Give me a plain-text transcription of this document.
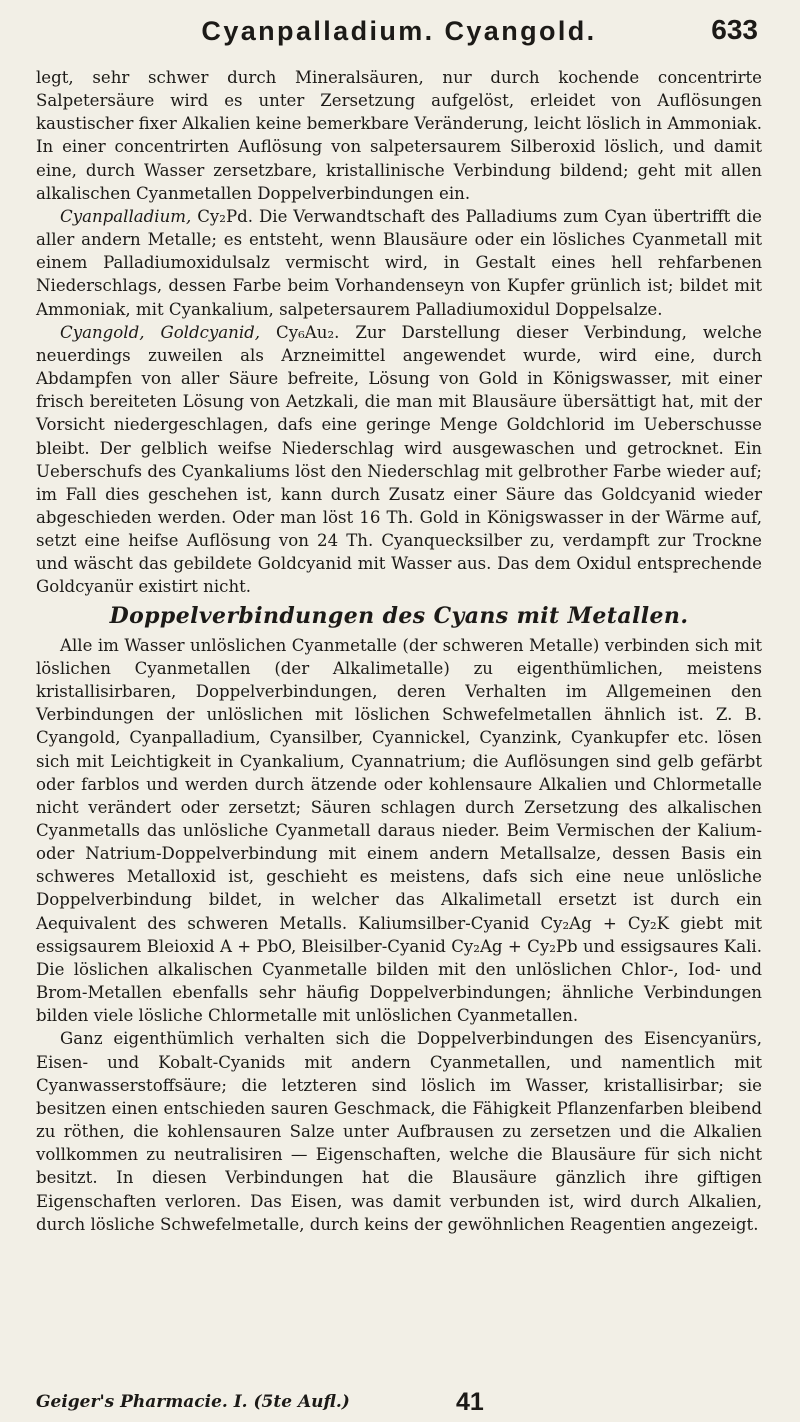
Cyanpalladium. Cyangold.	633

legt, sehr schwer durch Mineralsäuren, nur durch kochende concentrirte Salpetersäure wird es unter Zersetzung aufgelöst, erleidet von Auflösungen kaustischer fixer Alkalien keine bemerkbare Veränderung, leicht löslich in Ammoniak. In einer concentrirten Auflösung von salpetersaurem Silberoxid löslich, und damit eine, durch Wasser zersetzbare, kristallinische Verbindung bildend; geht mit allen alkalischen Cyanmetallen Doppelverbindungen ein.

Cyanpalladium, Cy₂Pd. Die Verwandtschaft des Palladiums zum Cyan übertrifft die aller andern Metalle; es entsteht, wenn Blausäure oder ein lösliches Cyanmetall mit einem Palladiumoxidulsalz vermischt wird, in Gestalt eines hell rehfarbenen Niederschlags, dessen Farbe beim Vorhandenseyn von Kupfer grünlich ist; bildet mit Ammoniak, mit Cyankalium, salpetersaurem Palladiumoxidul Doppelsalze.

Cyangold, Goldcyanid, Cy₆Au₂. Zur Darstellung dieser Verbindung, welche neuerdings zuweilen als Arzneimittel angewendet wurde, wird eine, durch Abdampfen von aller Säure befreite, Lösung von Gold in Königswasser, mit einer frisch bereiteten Lösung von Aetzkali, die man mit Blausäure übersättigt hat, mit der Vorsicht niedergeschlagen, dafs eine geringe Menge Goldchlorid im Ueberschusse bleibt. Der gelblich weifse Niederschlag wird ausgewaschen und getrocknet. Ein Ueberschufs des Cyankaliums löst den Niederschlag mit gelbrother Farbe wieder auf; im Fall dies geschehen ist, kann durch Zusatz einer Säure das Goldcyanid wieder abgeschieden werden. Oder man löst 16 Th. Gold in Königswasser in der Wärme auf, setzt eine heifse Auflösung von 24 Th. Cyanquecksilber zu, verdampft zur Trockne und wäscht das gebildete Goldcyanid mit Wasser aus. Das dem Oxidul entsprechende Goldcyanür existirt nicht.

Doppelverbindungen des Cyans mit Metallen.

Alle im Wasser unlöslichen Cyanmetalle (der schweren Metalle) verbinden sich mit löslichen Cyanmetallen (der Alkalimetalle) zu eigenthümlichen, meistens kristallisirbaren, Doppelverbindungen, deren Verhalten im Allgemeinen den Verbindungen der unlöslichen mit löslichen Schwefelmetallen ähnlich ist. Z. B. Cyangold, Cyanpalladium, Cyansilber, Cyannickel, Cyanzink, Cyankupfer etc. lösen sich mit Leichtigkeit in Cyankalium, Cyannatrium; die Auflösungen sind gelb gefärbt oder farblos und werden durch ätzende oder kohlensaure Alkalien und Chlormetalle nicht verändert oder zersetzt; Säuren schlagen durch Zersetzung des alkalischen Cyanmetalls das unlösliche Cyanmetall daraus nieder. Beim Vermischen der Kalium- oder Natrium-Doppelverbindung mit einem andern Metallsalze, dessen Basis ein schweres Metalloxid ist, geschieht es meistens, dafs sich eine neue unlösliche Doppelverbindung bildet, in welcher das Alkalimetall ersetzt ist durch ein Aequivalent des schweren Metalls. Kaliumsilber-Cyanid Cy₂Ag + Cy₂K giebt mit essigsaurem Bleioxid A + PbO, Bleisilber-Cyanid Cy₂Ag + Cy₂Pb und essigsaures Kali. Die löslichen alkalischen Cyanmetalle bilden mit den unlöslichen Chlor-, Iod- und Brom-Metallen ebenfalls sehr häufig Doppelverbindungen; ähnliche Verbindungen bilden viele lösliche Chlormetalle mit unlöslichen Cyanmetallen.

Ganz eigenthümlich verhalten sich die Doppelverbindungen des Eisencyanürs, Eisen- und Kobalt-Cyanids mit andern Cyanmetallen, und namentlich mit Cyanwasserstoffsäure; die letzteren sind löslich im Wasser, kristallisirbar; sie besitzen einen entschieden sauren Geschmack, die Fähigkeit Pflanzenfarben bleibend zu röthen, die kohlensauren Salze unter Aufbrausen zu zersetzen und die Alkalien vollkommen zu neutralisiren — Eigenschaften, welche die Blausäure für sich nicht besitzt. In diesen Verbindungen hat die Blausäure gänzlich ihre giftigen Eigenschaften verloren. Das Eisen, was damit verbunden ist, wird durch Alkalien, durch lösliche Schwefelmetalle, durch keins der gewöhnlichen Reagentien angezeigt.

Geiger's Pharmacie. I. (5te Aufl.)	41
